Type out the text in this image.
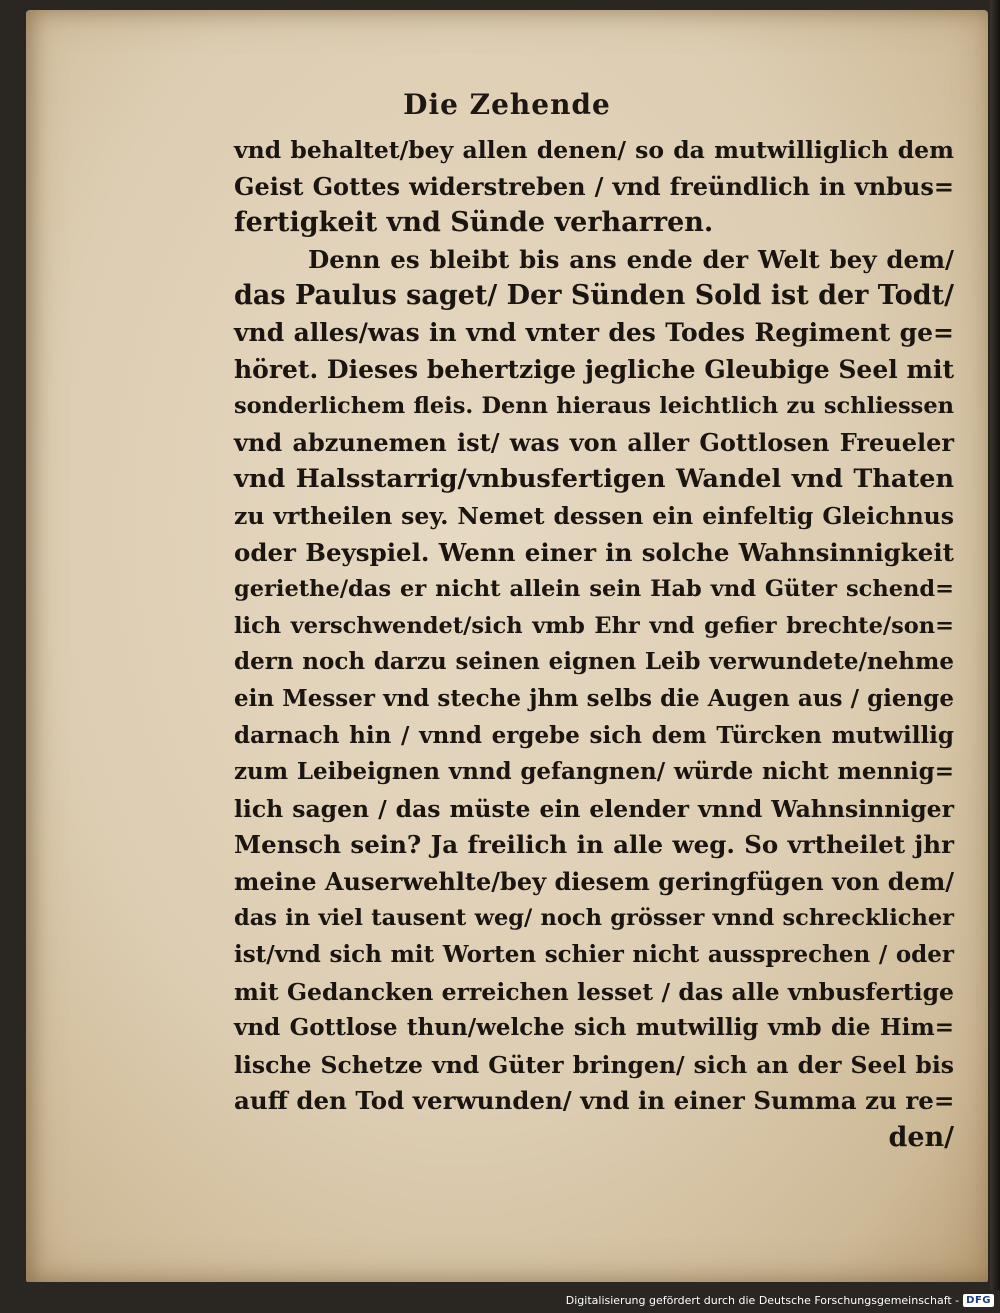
Die Zehende
vnd behaltet/bey allen denen/ so da mutwilliglich dem
Geist Gottes widerstreben / vnd freündlich in vnbus=
fertigkeit vnd Sünde verharren.
Denn es bleibt bis ans ende der Welt bey dem/
das Paulus saget/ Der Sünden Sold ist der Todt/
vnd alles/was in vnd vnter des Todes Regiment ge=
höret. Dieses behertzige jegliche Gleubige Seel mit
sonderlichem fleis. Denn hieraus leichtlich zu schliessen
vnd abzunemen ist/ was von aller Gottlosen Freueler
vnd Halsstarrig/vnbusfertigen Wandel vnd Thaten
zu vrtheilen sey. Nemet dessen ein einfeltig Gleichnus
oder Beyspiel. Wenn einer in solche Wahnsinnigkeit
geriethe/das er nicht allein sein Hab vnd Güter schend=
lich verschwendet/sich vmb Ehr vnd gefier brechte/son=
dern noch darzu seinen eignen Leib verwundete/nehme
ein Messer vnd steche jhm selbs die Augen aus / gienge
darnach hin / vnnd ergebe sich dem Türcken mutwillig
zum Leibeignen vnnd gefangnen/ würde nicht mennig=
lich sagen / das müste ein elender vnnd Wahnsinniger
Mensch sein? Ja freilich in alle weg. So vrtheilet jhr
meine Auserwehlte/bey diesem geringfügen von dem/
das in viel tausent weg/ noch grösser vnnd schrecklicher
ist/vnd sich mit Worten schier nicht aussprechen / oder
mit Gedancken erreichen lesset / das alle vnbusfertige
vnd Gottlose thun/welche sich mutwillig vmb die Him=
lische Schetze vnd Güter bringen/ sich an der Seel bis
auff den Tod verwunden/ vnd in einer Summa zu re=
den/
Digitalisierung gefördert durch die Deutsche Forschungsgemeinschaft - DFG
